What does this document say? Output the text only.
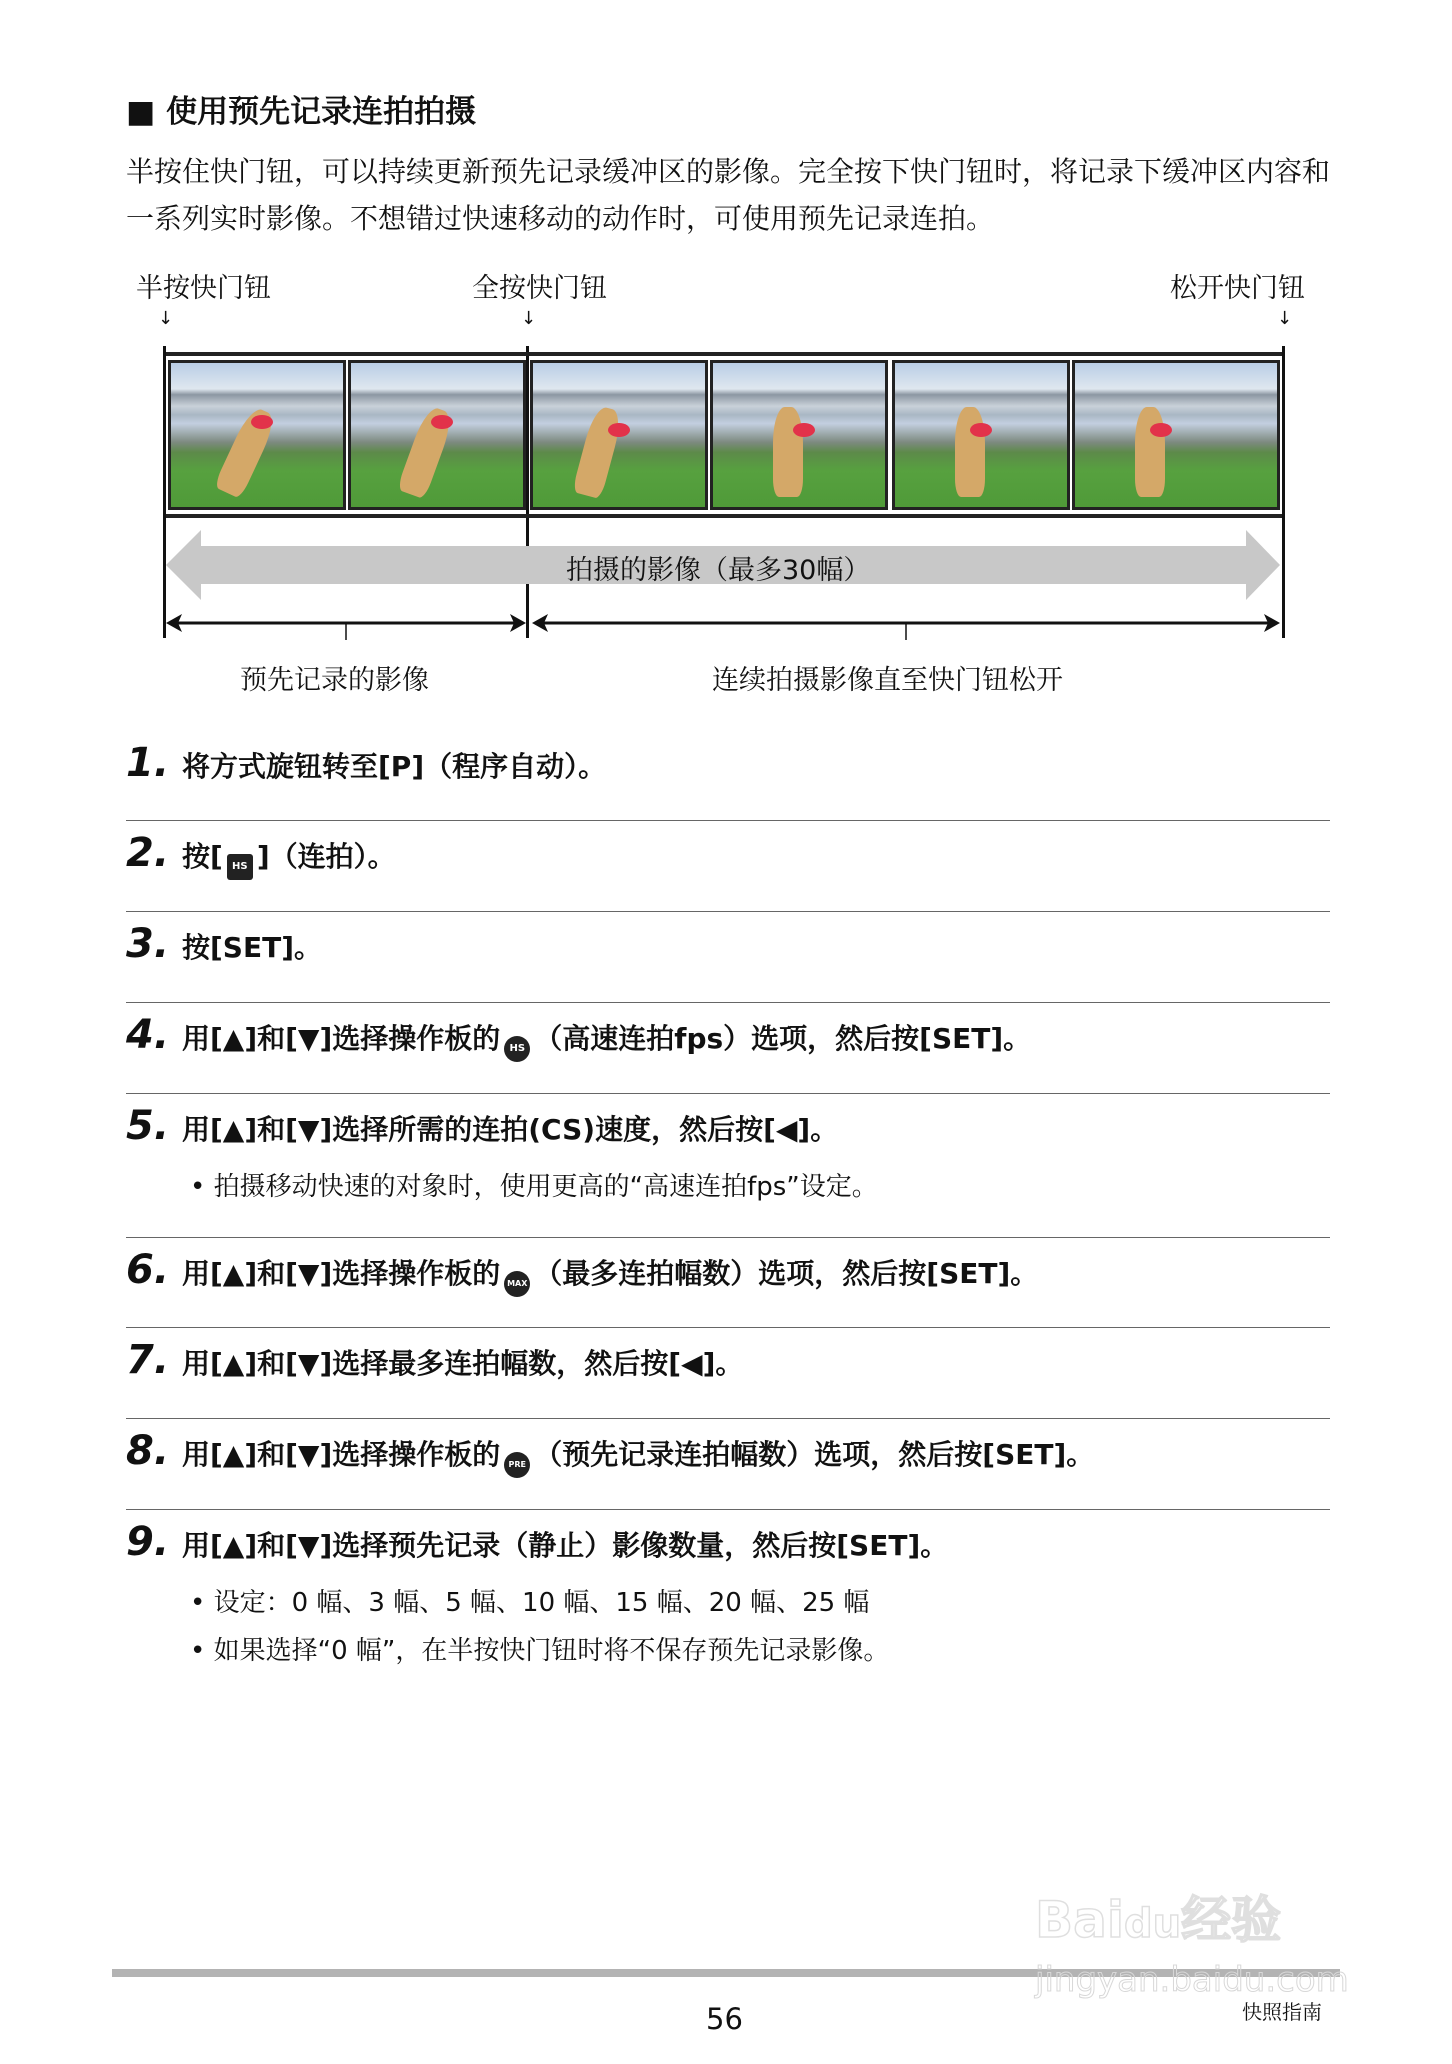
■ 使用预先记录连拍拍摄
半按住快门钮，可以持续更新预先记录缓冲区的影像。完全按下快门钮时，将记录下缓冲区内容和一系列实时影像。不想错过快速移动的动作时，可使用预先记录连拍。
半按快门钮	全按快门钮	松开快门钮
↓	↓	↓
拍摄的影像（最多30幅）
预先记录的影像	连续拍摄影像直至快门钮松开
1. 将方式旋钮转至[P]（程序自动）。
2. 按[ HS ]（连拍）。
3. 按[SET]。
4. 用[▲]和[▼]选择操作板的 HS （高速连拍fps）选项，然后按[SET]。
5. 用[▲]和[▼]选择所需的连拍(CS)速度，然后按[◀]。
• 拍摄移动快速的对象时，使用更高的“高速连拍fps”设定。
6. 用[▲]和[▼]选择操作板的 MAX （最多连拍幅数）选项，然后按[SET]。
7. 用[▲]和[▼]选择最多连拍幅数，然后按[◀]。
8. 用[▲]和[▼]选择操作板的 PRE （预先记录连拍幅数）选项，然后按[SET]。
9. 用[▲]和[▼]选择预先记录（静止）影像数量，然后按[SET]。
• 设定：0 幅、3 幅、5 幅、10 幅、15 幅、20 幅、25 幅
• 如果选择“0 幅”，在半按快门钮时将不保存预先记录影像。
56	快照指南
Baidu经验
jingyan.baidu.com
